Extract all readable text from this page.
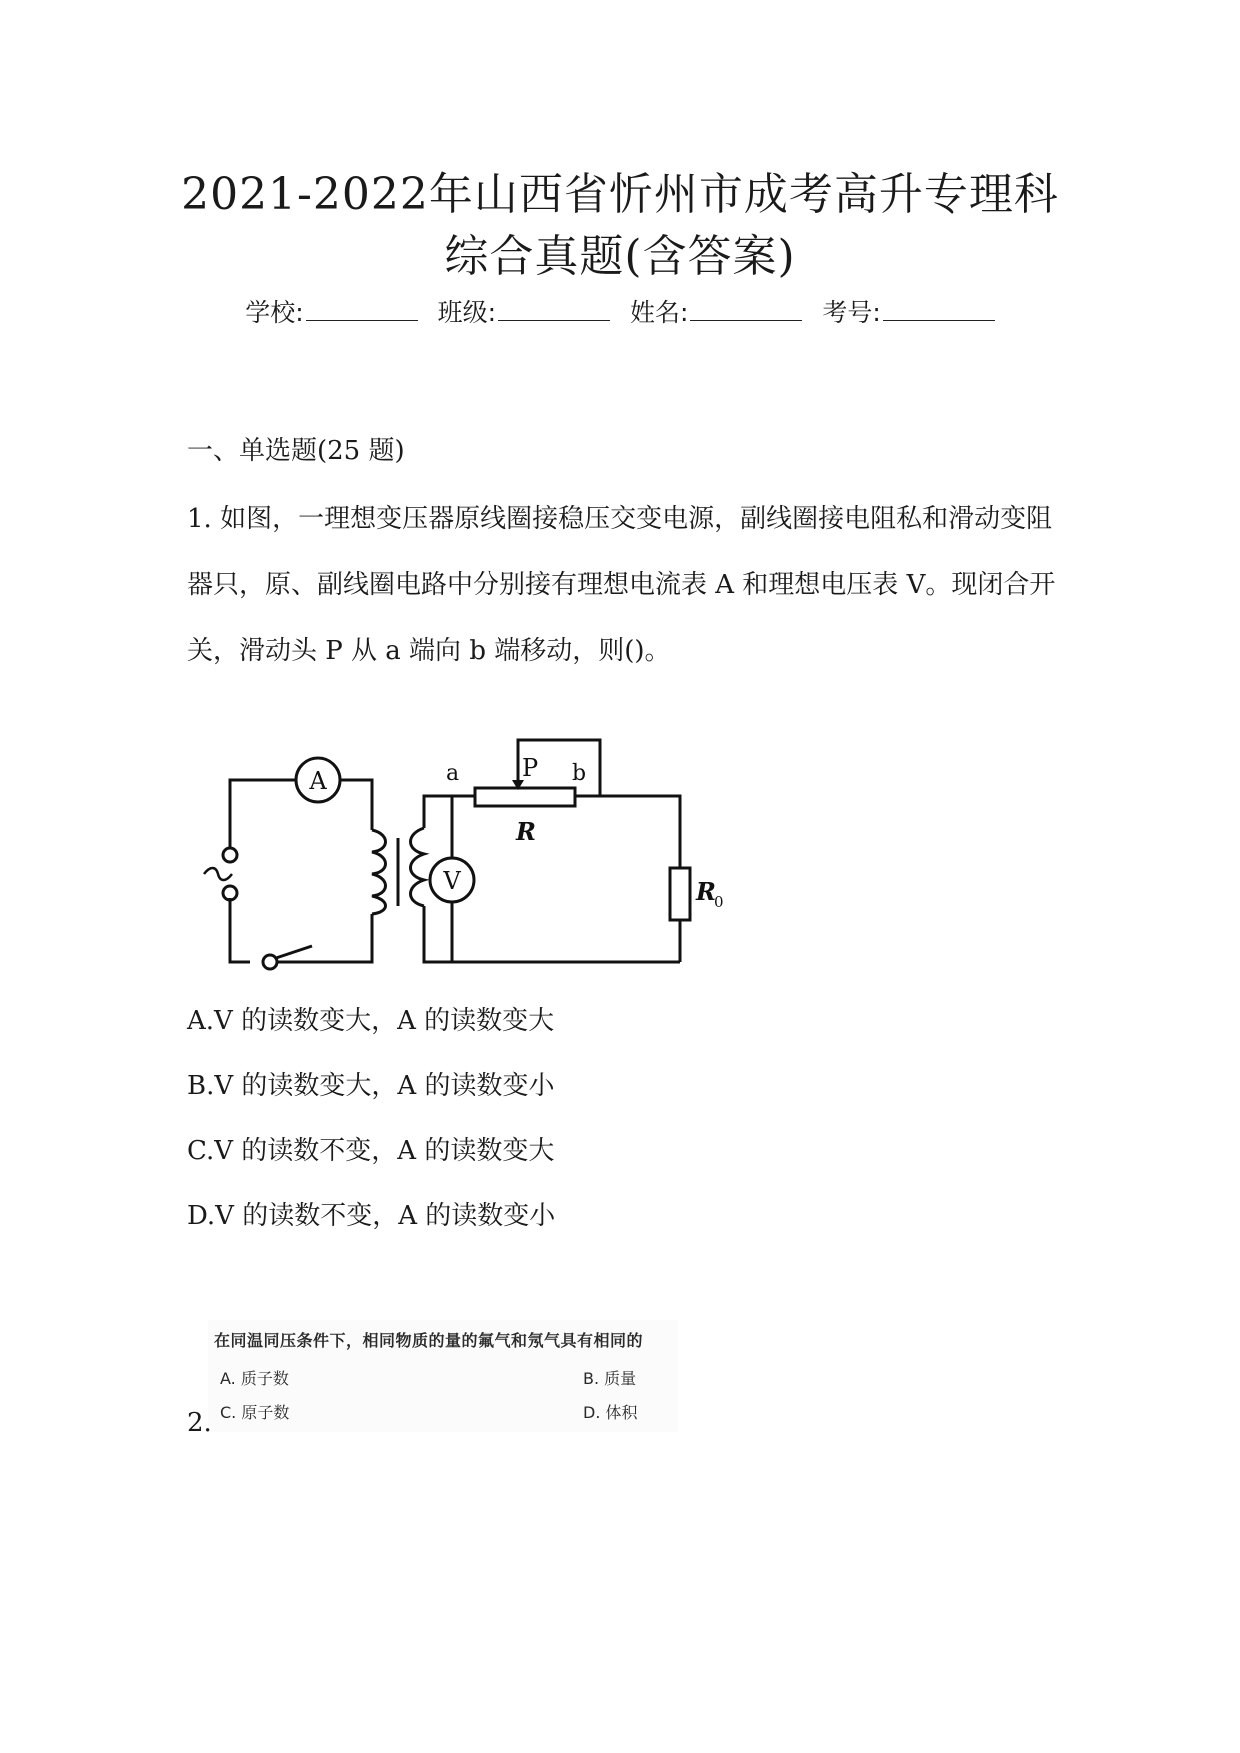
2021-2022年山西省忻州市成考高升专理科
综合真题(含答案)
学校:	班级:	姓名:	考号:
一、单选题(25 题)
1. 如图，一理想变压器原线圈接稳压交变电源，副线圈接电阻私和滑动变阻器只，原、副线圈电路中分别接有理想电流表 A 和理想电压表 V。现闭合开关，滑动头 P 从 a 端向 b 端移动，则()。
A
V
a	P b
R
R
0
A.V 的读数变大，A 的读数变大
B.V 的读数变大，A 的读数变小
C.V 的读数不变，A 的读数变大
D.V 的读数不变，A 的读数变小
在同温同压条件下，相同物质的量的氟气和氖气具有相同的
A. 质子数	B. 质量
C. 原子数	D. 体积
2.
